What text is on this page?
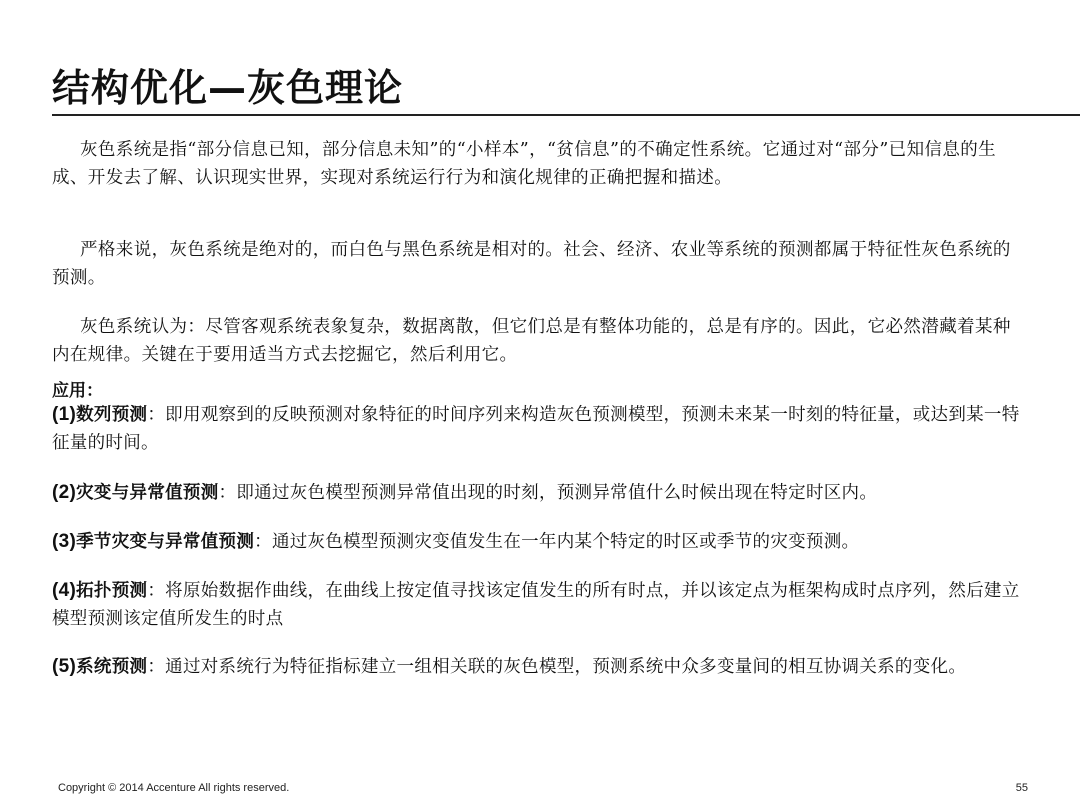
结构优化—灰色理论
灰色系统是指“部分信息已知，部分信息未知”的“小样本”，“贫信息”的不确定性系统。它通过对“部分”已知信息的生成、开发去了解、认识现实世界，实现对系统运行行为和演化规律的正确把握和描述。
严格来说，灰色系统是绝对的，而白色与黑色系统是相对的。社会、经济、农业等系统的预测都属于特征性灰色系统的预测。
灰色系统认为：尽管客观系统表象复杂，数据离散，但它们总是有整体功能的，总是有序的。因此，它必然潜藏着某种内在规律。关键在于要用适当方式去挖掘它，然后利用它。
应用：
(1)数列预测：即用观察到的反映预测对象特征的时间序列来构造灰色预测模型，预测未来某一时刻的特征量，或达到某一特征量的时间。
(2)灾变与异常值预测：即通过灰色模型预测异常值出现的时刻，预测异常值什么时候出现在特定时区内。
(3)季节灾变与异常值预测：通过灰色模型预测灾变值发生在一年内某个特定的时区或季节的灾变预测。
(4)拓扑预测：将原始数据作曲线，在曲线上按定值寻找该定值发生的所有时点，并以该定点为框架构成时点序列，然后建立模型预测该定值所发生的时点
(5)系统预测：通过对系统行为特征指标建立一组相关联的灰色模型，预测系统中众多变量间的相互协调关系的变化。
Copyright © 2014 Accenture All rights reserved.	55
